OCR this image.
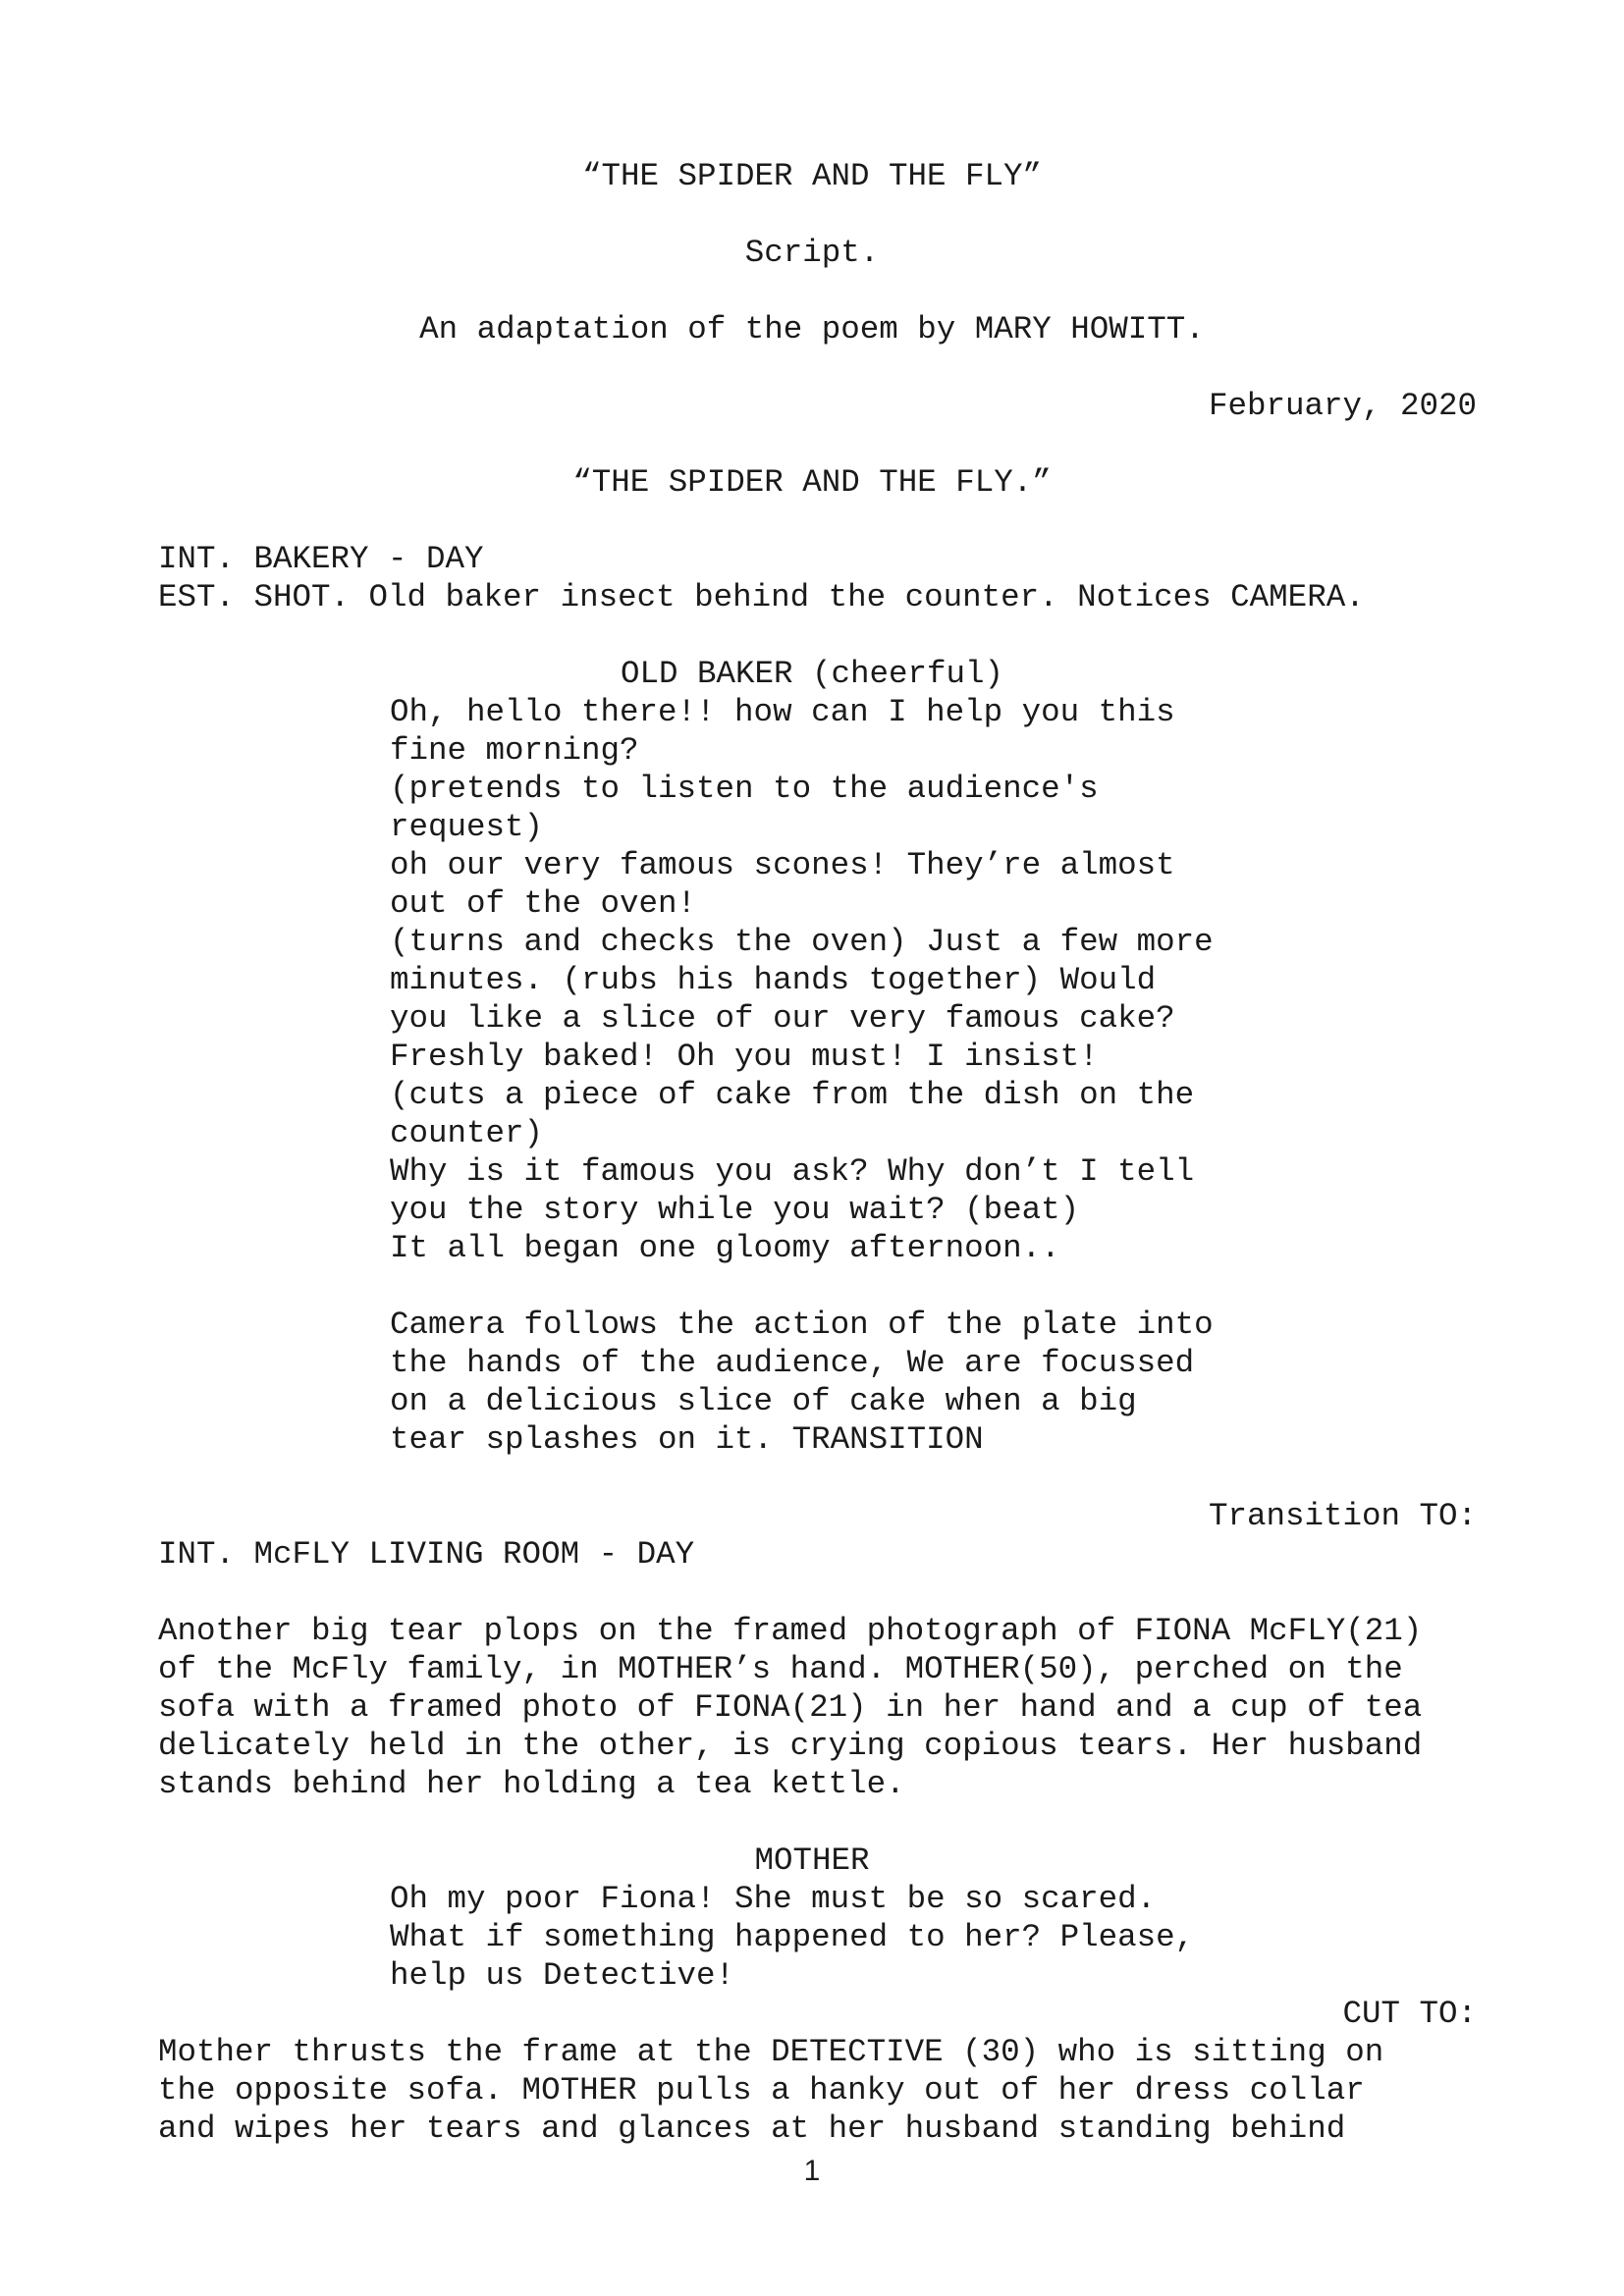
“THE SPIDER AND THE FLY”
Script.
An adaptation of the poem by MARY HOWITT.
February, 2020
“THE SPIDER AND THE FLY.”
INT. BAKERY - DAY
EST. SHOT. Old baker insect behind the counter. Notices CAMERA.
OLD BAKER (cheerful)
Oh, hello there!! how can I help you this
fine morning?
(pretends to listen to the audience's
request)
oh our very famous scones! They’re almost
out of the oven!
(turns and checks the oven) Just a few more
minutes. (rubs his hands together) Would
you like a slice of our very famous cake?
Freshly baked! Oh you must! I insist!
(cuts a piece of cake from the dish on the
counter)
Why is it famous you ask? Why don’t I tell
you the story while you wait? (beat)
It all began one gloomy afternoon..
Camera follows the action of the plate into
the hands of the audience, We are focussed
on a delicious slice of cake when a big
tear splashes on it. TRANSITION
Transition TO:
INT. McFLY LIVING ROOM - DAY
Another big tear plops on the framed photograph of FIONA McFLY(21)
of the McFly family, in MOTHER’s hand. MOTHER(50), perched on the
sofa with a framed photo of FIONA(21) in her hand and a cup of tea
delicately held in the other, is crying copious tears. Her husband
stands behind her holding a tea kettle.
MOTHER
Oh my poor Fiona! She must be so scared.
What if something happened to her? Please,
help us Detective!
CUT TO:
Mother thrusts the frame at the DETECTIVE (30) who is sitting on
the opposite sofa. MOTHER pulls a hanky out of her dress collar
and wipes her tears and glances at her husband standing behind
1
